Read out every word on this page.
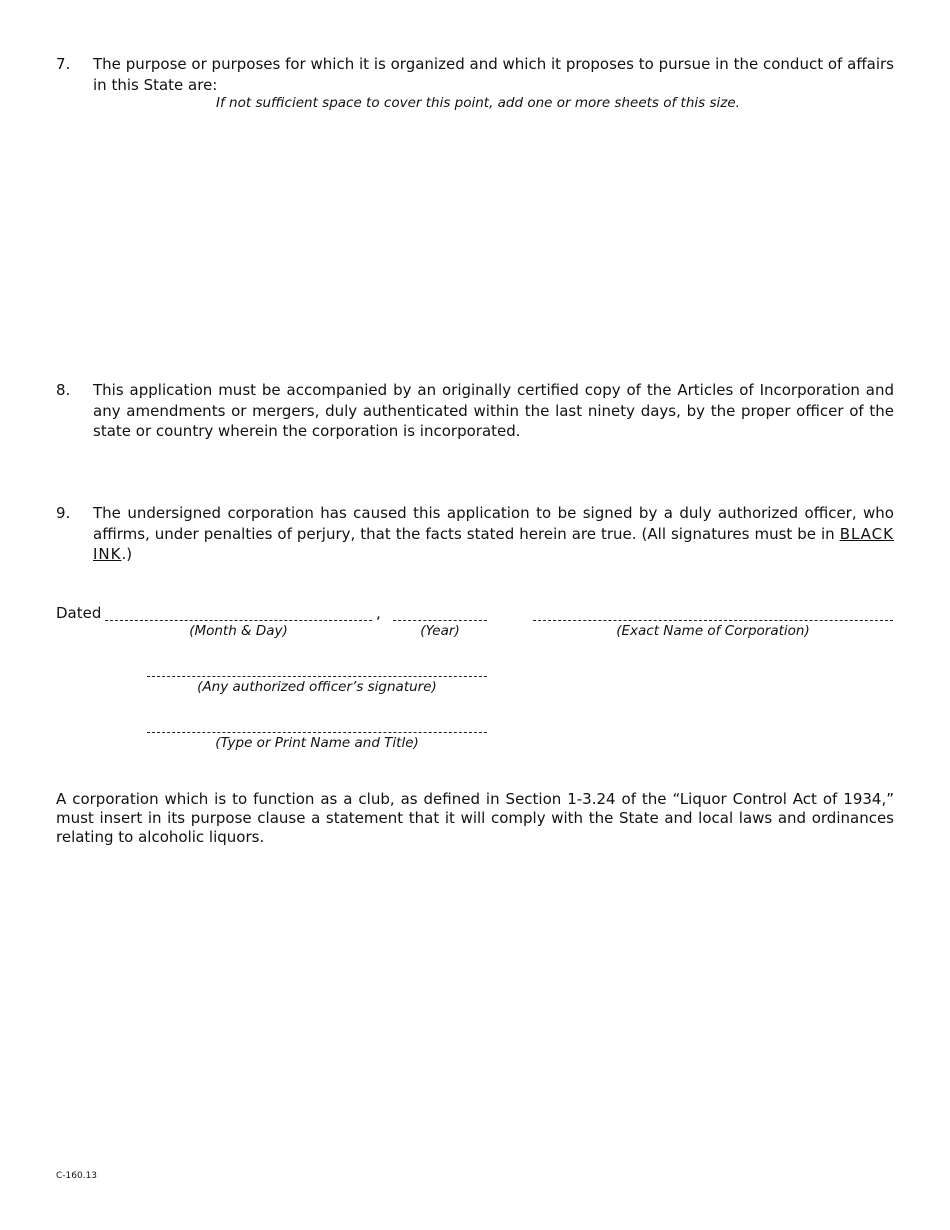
7. The purpose or purposes for which it is organized and which it proposes to pursue in the conduct of affairs in this State are:
If not sufficient space to cover this point, add one or more sheets of this size.
8. This application must be accompanied by an originally certified copy of the Articles of Incorporation and any amendments or mergers, duly authenticated within the last ninety days, by the proper officer of the state or country wherein the corporation is incorporated.
9. The undersigned corporation has caused this application to be signed by a duly authorized officer, who affirms, under penalties of perjury, that the facts stated herein are true. (All signatures must be in BLACK INK.)
Dated	,
(Month & Day)	(Year)	(Exact Name of Corporation)
(Any authorized officer’s signature)
(Type or Print Name and Title)
A corporation which is to function as a club, as defined in Section 1-3.24 of the “Liquor Control Act of 1934,” must insert in its purpose clause a statement that it will comply with the State and local laws and ordinances relating to alcoholic liquors.
C-160.13
